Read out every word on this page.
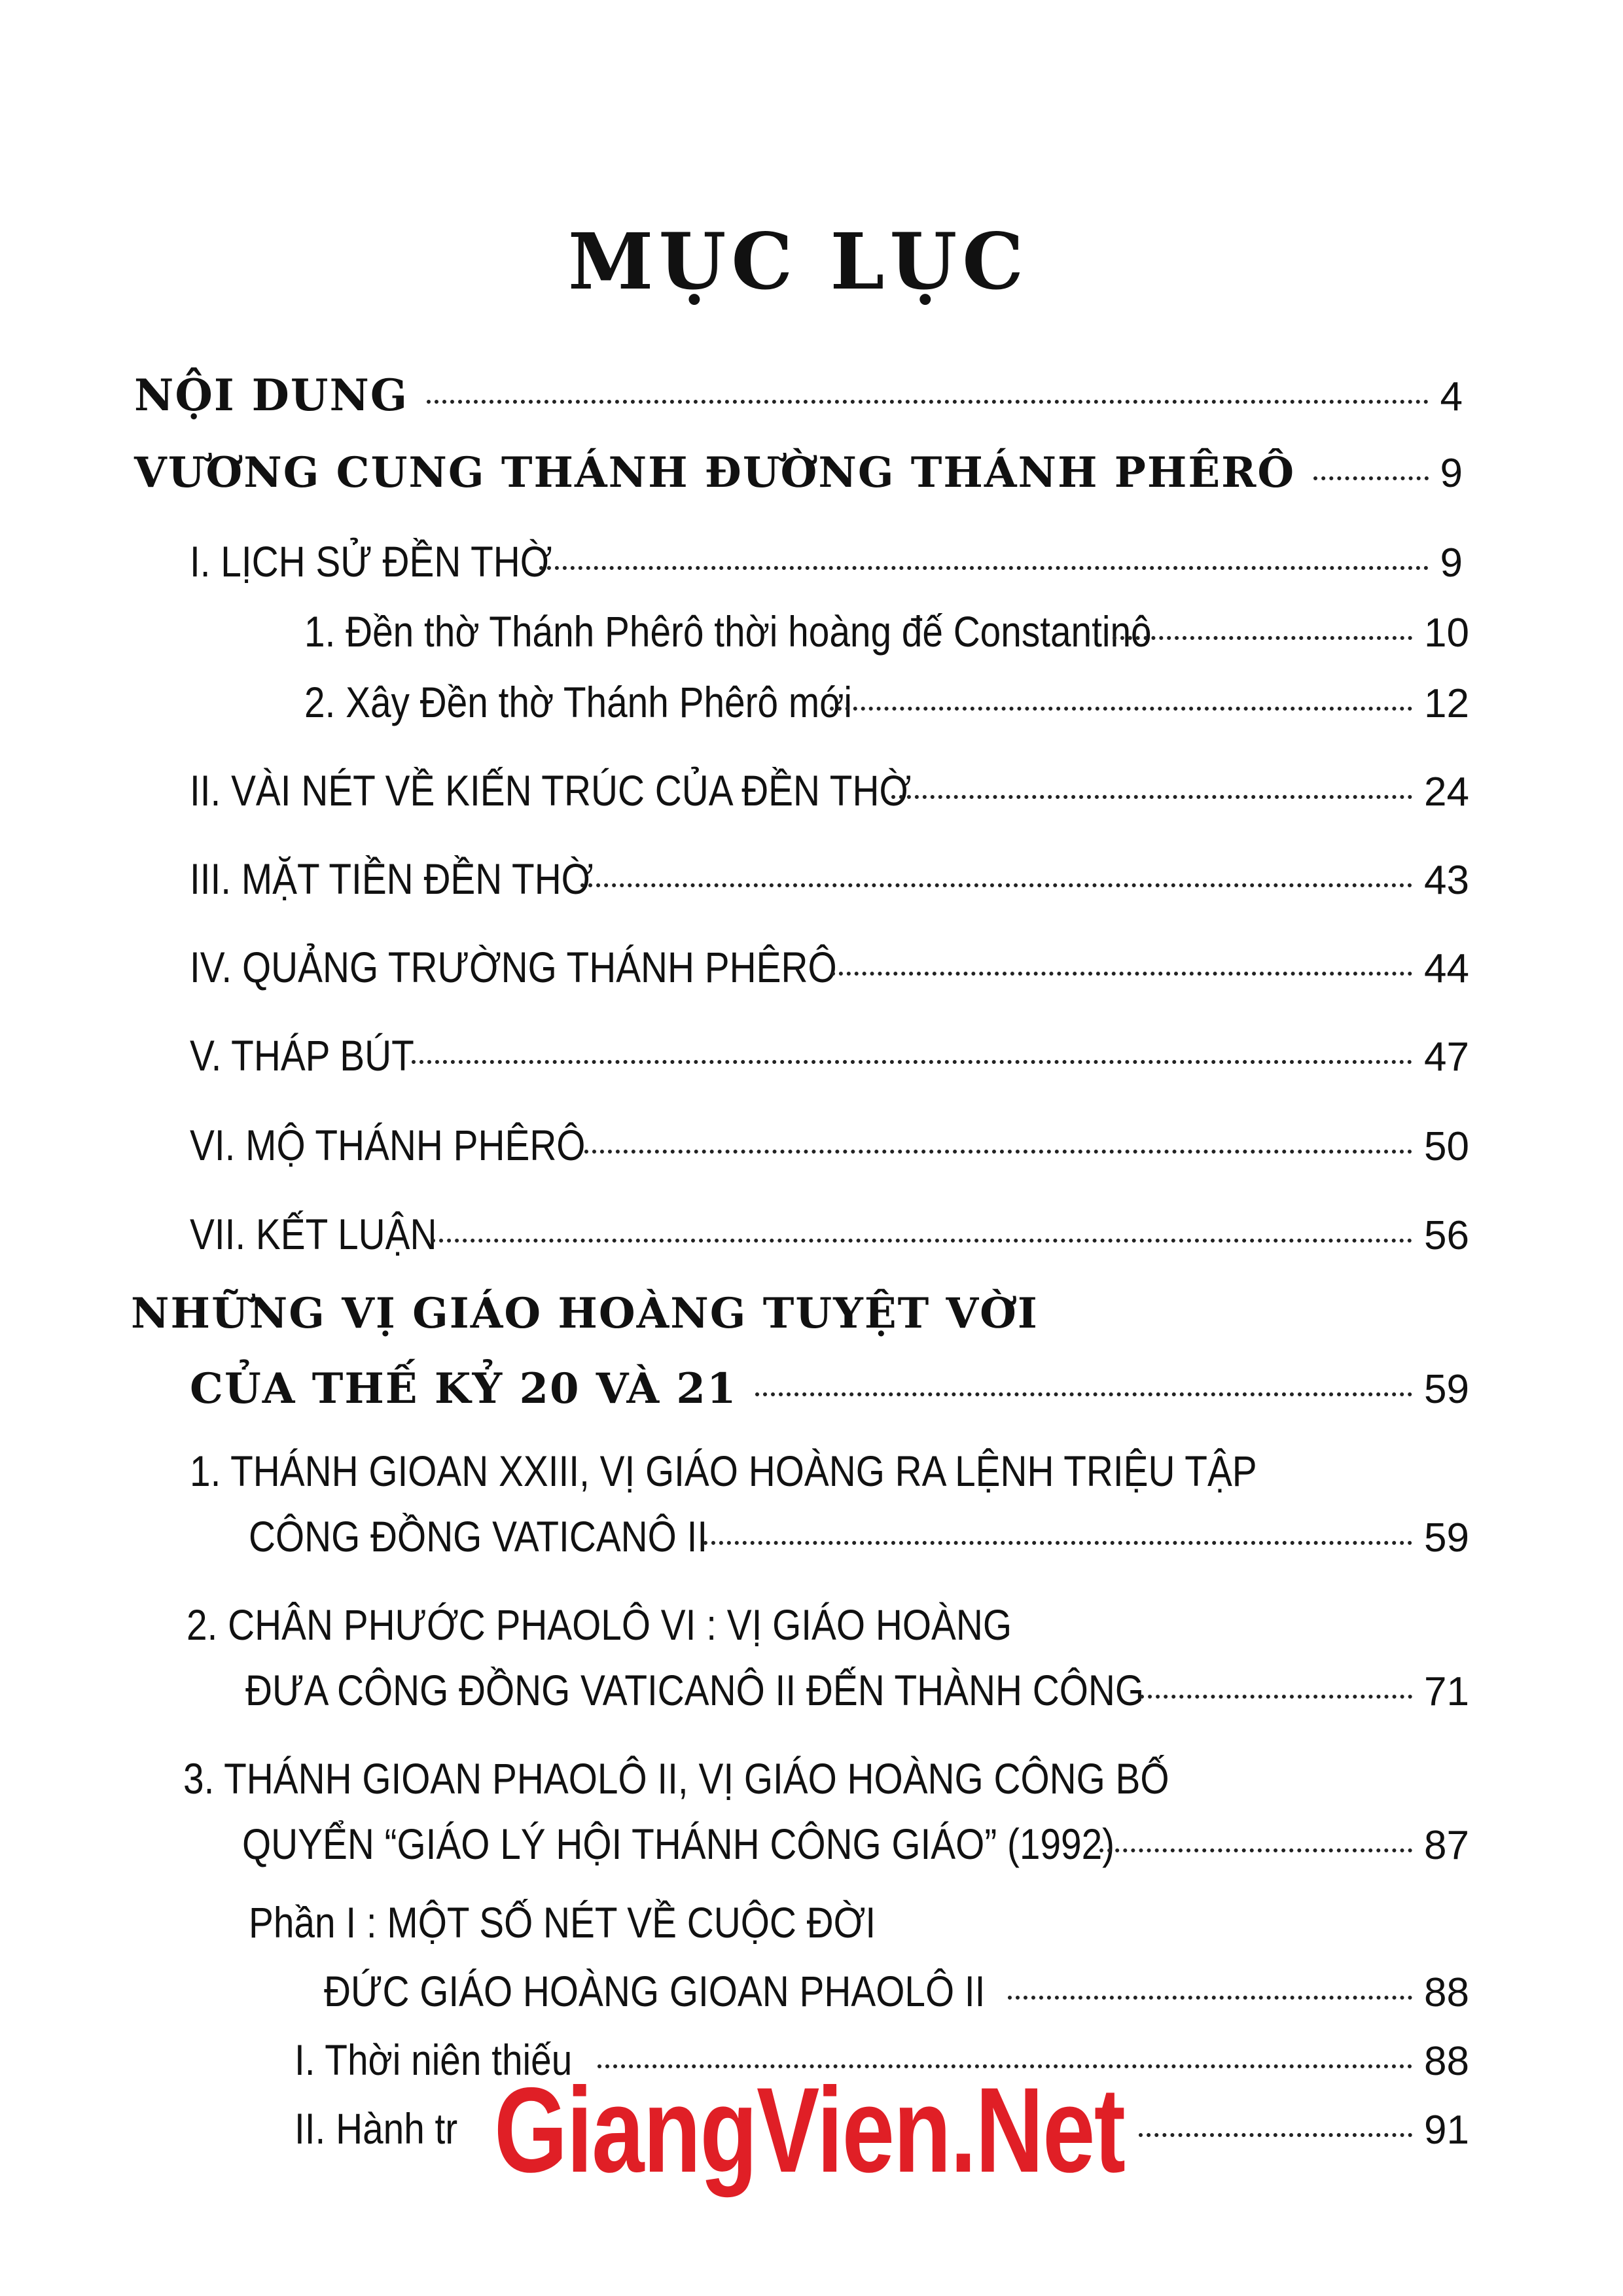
MỤC LỤC
NỘI DUNG	4
VƯƠNG CUNG THÁNH ĐƯỜNG THÁNH PHÊRÔ	9
I. LỊCH SỬ ĐỀN THỜ	9
1. Đền thờ Thánh Phêrô thời hoàng đế Constantinô	10
2. Xây Đền thờ Thánh Phêrô mới	12
II. VÀI NÉT VỀ KIẾN TRÚC CỦA ĐỀN THỜ	24
III. MẶT TIỀN ĐỀN THỜ	43
IV. QUẢNG TRƯỜNG THÁNH PHÊRÔ	44
V. THÁP BÚT	47
VI. MỘ THÁNH PHÊRÔ	50
VII. KẾT LUẬN	56
NHỮNG VỊ GIÁO HOÀNG TUYỆT VỜI
CỦA THẾ KỶ 20 VÀ 21	59
1. THÁNH GIOAN XXIII, VỊ GIÁO HOÀNG RA LỆNH TRIỆU TẬP
CÔNG ĐỒNG VATICANÔ II	59
2. CHÂN PHƯỚC PHAOLÔ VI : VỊ GIÁO HOÀNG
ĐƯA CÔNG ĐỒNG VATICANÔ II ĐẾN THÀNH CÔNG	71
3. THÁNH GIOAN PHAOLÔ II, VỊ GIÁO HOÀNG CÔNG BỐ
QUYỂN “GIÁO LÝ HỘI THÁNH CÔNG GIÁO” (1992)	87
Phần I : MỘT SỐ NÉT VỀ CUỘC ĐỜI
ĐỨC GIÁO HOÀNG GIOAN PHAOLÔ II	88
I. Thời niên thiếu	88
II. Hành tr	91
GiangVien.Net
